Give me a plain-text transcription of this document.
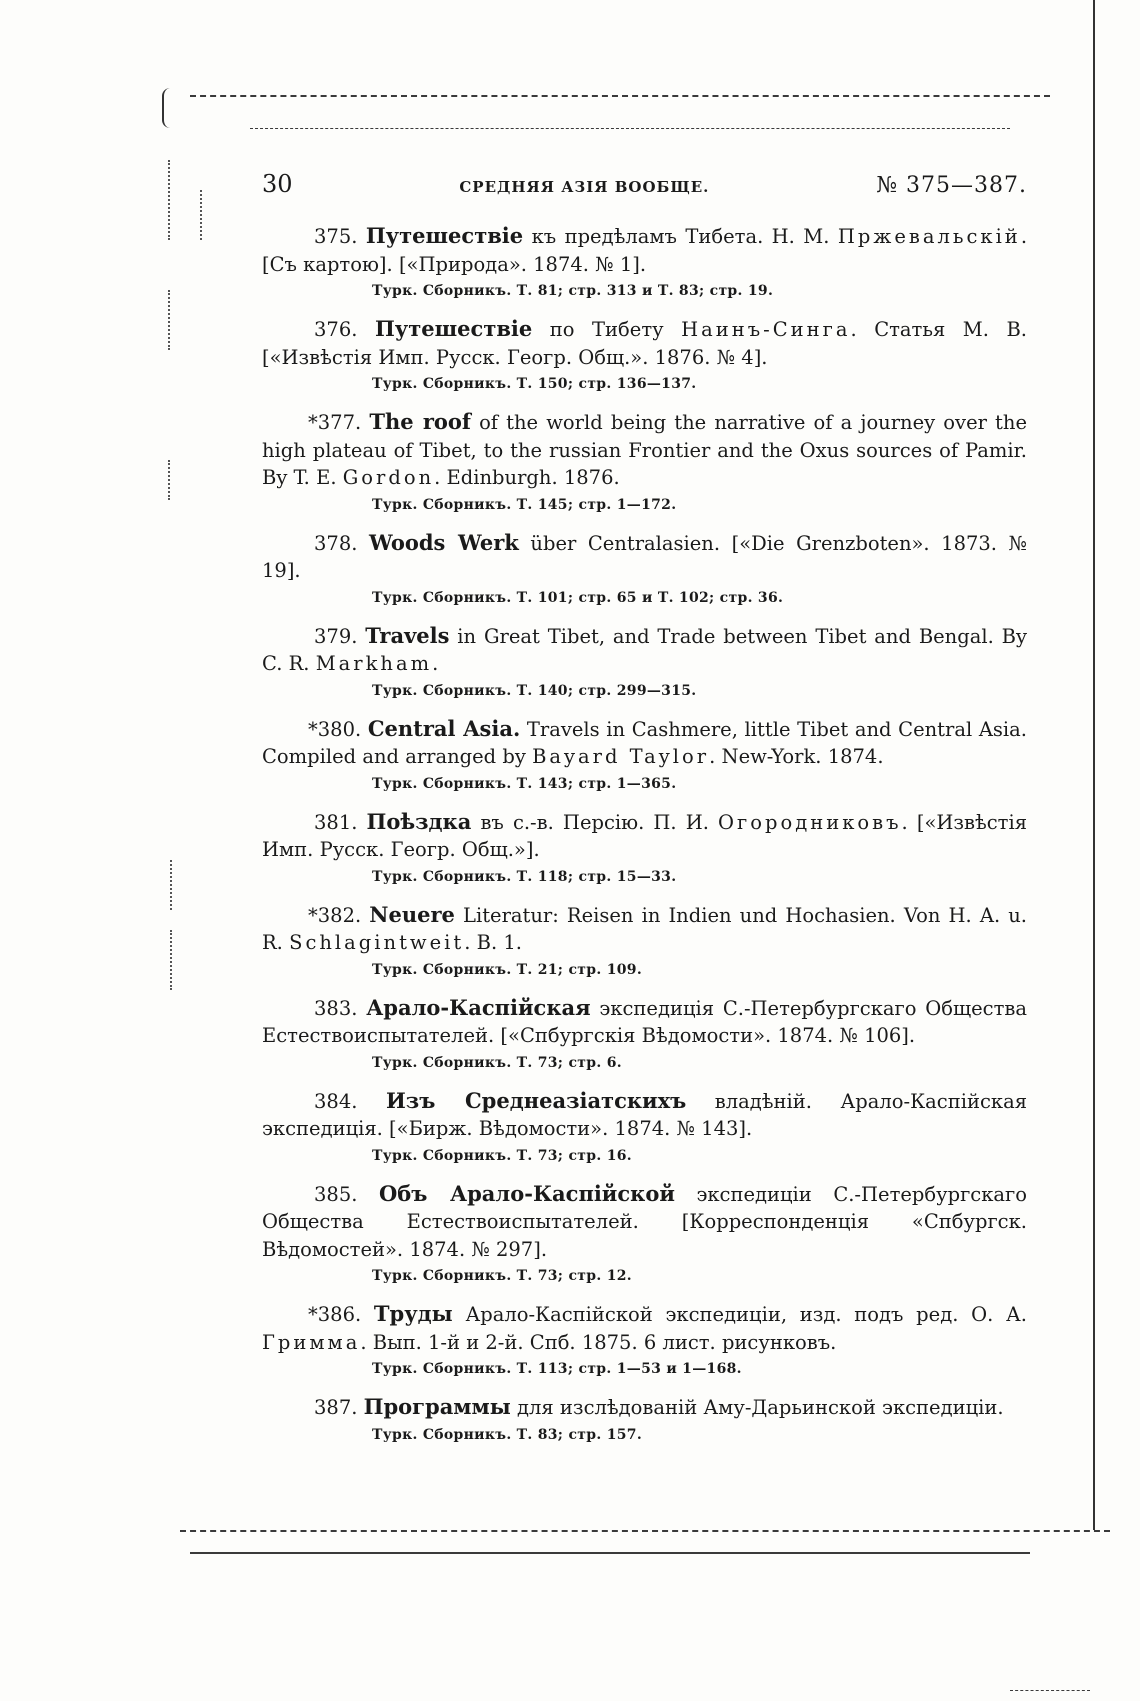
30	СРЕДНЯЯ АЗІЯ ВООБЩЕ.	№ 375—387.

375. Путешествіе къ предѣламъ Тибета. Н. М. Пржевальскій. [Съ картою]. [«Природа». 1874. № 1].

Турк. Сборникъ. Т. 81; стр. 313 и Т. 83; стр. 19.

376. Путешествіе по Тибету Наинъ-Синга. Статья М. В. [«Извѣстія Имп. Русск. Геогр. Общ.». 1876. № 4].

Турк. Сборникъ. Т. 150; стр. 136—137.

*377. The roof of the world being the narrative of a journey over the high plateau of Tibet, to the russian Frontier and the Oxus sources of Pamir. By T. E. Gordon. Edinburgh. 1876.

Турк. Сборникъ. Т. 145; стр. 1—172.

378. Woods Werk über Centralasien. [«Die Grenzboten». 1873. № 19].

Турк. Сборникъ. Т. 101; стр. 65 и Т. 102; стр. 36.

379. Travels in Great Tibet, and Trade between Tibet and Bengal. By C. R. Markham.

Турк. Сборникъ. Т. 140; стр. 299—315.

*380. Central Asia. Travels in Cashmere, little Tibet and Central Asia. Compiled and arranged by Bayard Taylor. New-York. 1874.

Турк. Сборникъ. Т. 143; стр. 1—365.

381. Поѣздка въ с.-в. Персію. П. И. Огородниковъ. [«Извѣстія Имп. Русск. Геогр. Общ.»].

Турк. Сборникъ. Т. 118; стр. 15—33.

*382. Neuere Literatur: Reisen in Indien und Hochasien. Von H. A. u. R. Schlagintweit. B. 1.

Турк. Сборникъ. Т. 21; стр. 109.

383. Арало-Каспійская экспедиція С.-Петербургскаго Общества Естествоиспытателей. [«Спбургскія Вѣдомости». 1874. № 106].

Турк. Сборникъ. Т. 73; стр. 6.

384. Изъ Среднеазіатскихъ владѣній. Арало-Каспійская экспедиція. [«Бирж. Вѣдомости». 1874. № 143].

Турк. Сборникъ. Т. 73; стр. 16.

385. Объ Арало-Каспійской экспедиціи С.-Петербургскаго Общества Естествоиспытателей. [Корреспонденція «Спбургск. Вѣдомостей». 1874. № 297].

Турк. Сборникъ. Т. 73; стр. 12.

*386. Труды Арало-Каспійской экспедиціи, изд. подъ ред. О. А. Гримма. Вып. 1-й и 2-й. Спб. 1875. 6 лист. рисунковъ.

Турк. Сборникъ. Т. 113; стр. 1—53 и 1—168.

387. Программы для изслѣдованій Аму-Дарьинской экспедиціи.

Турк. Сборникъ. Т. 83; стр. 157.
